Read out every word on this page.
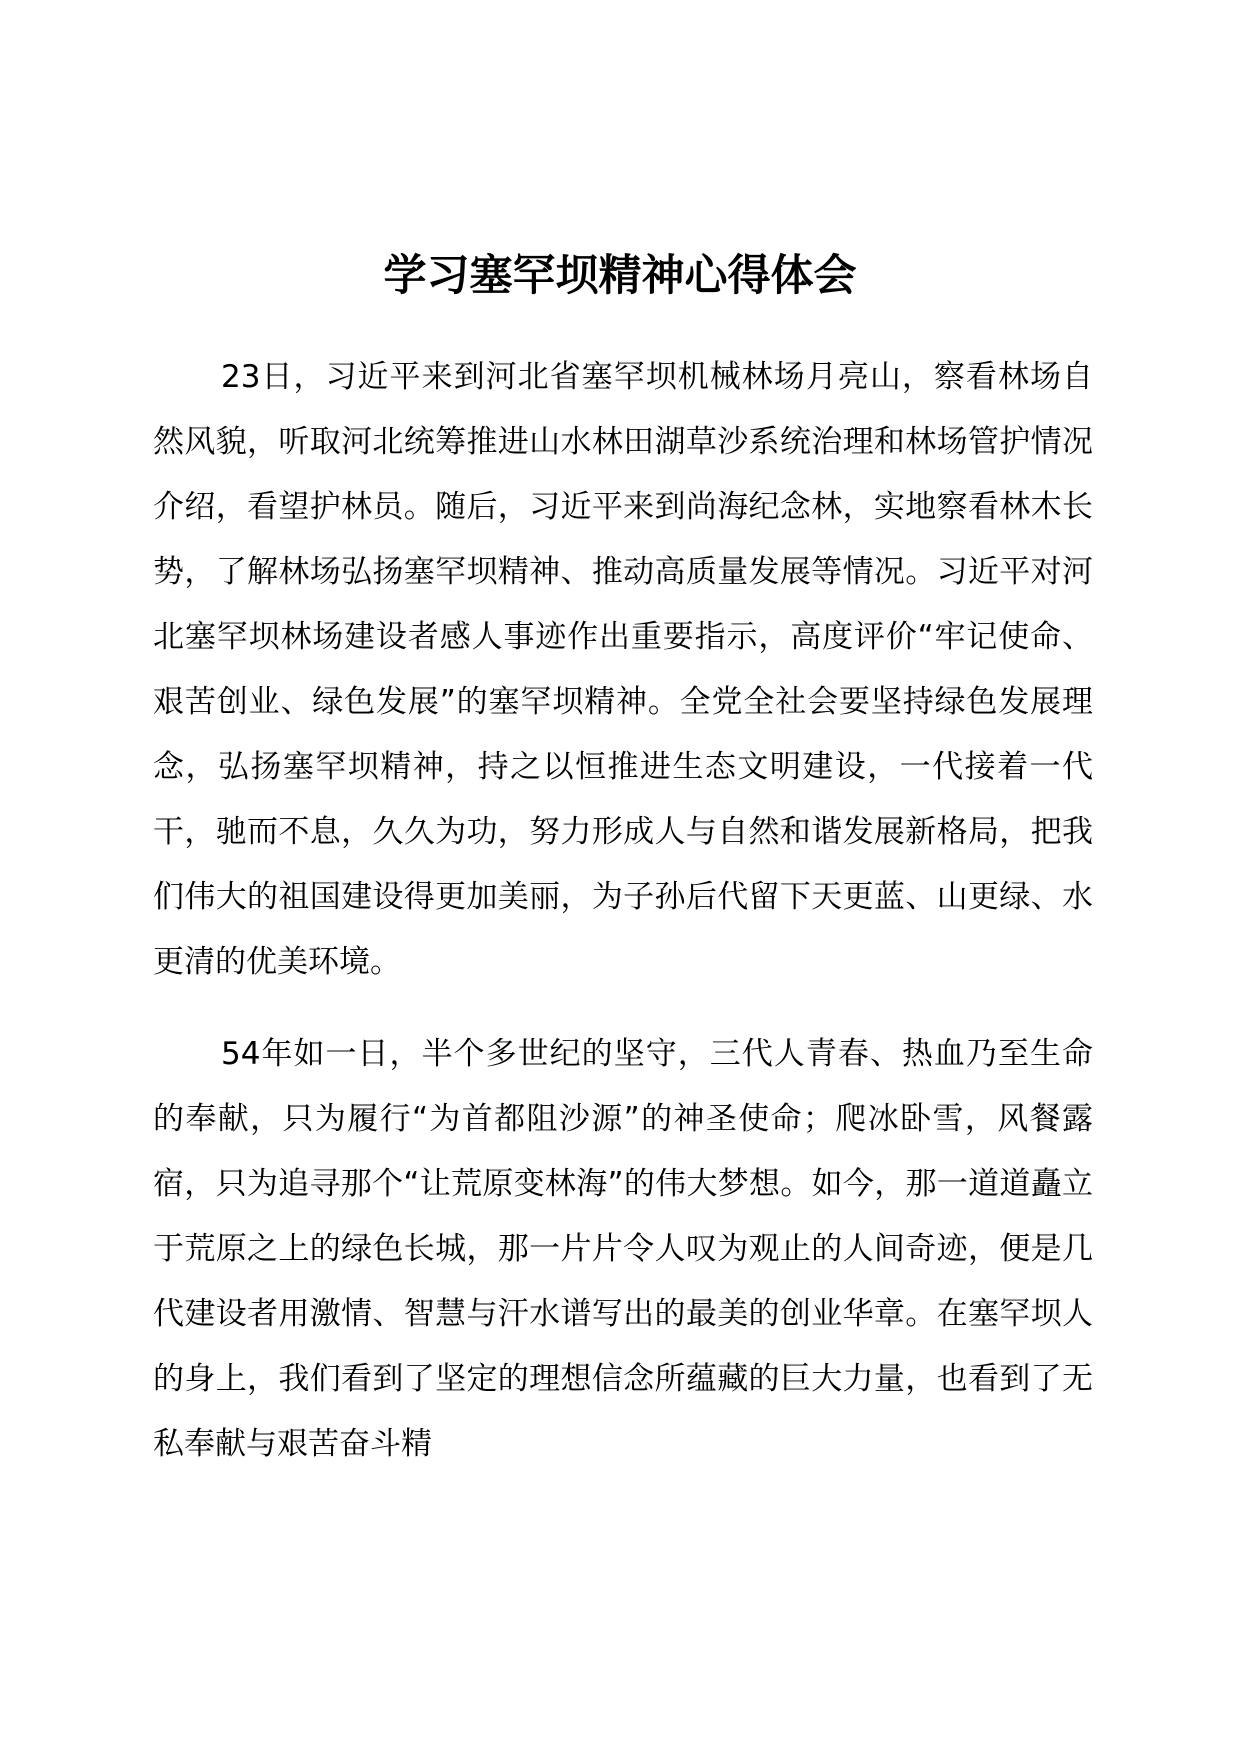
学习塞罕坝精神心得体会

23日，习近平来到河北省塞罕坝机械林场月亮山，察看林场自然风貌，听取河北统筹推进山水林田湖草沙系统治理和林场管护情况介绍，看望护林员。随后，习近平来到尚海纪念林，实地察看林木长势，了解林场弘扬塞罕坝精神、推动高质量发展等情况。习近平对河北塞罕坝林场建设者感人事迹作出重要指示，高度评价“牢记使命、艰苦创业、绿色发展”的塞罕坝精神。全党全社会要坚持绿色发展理念，弘扬塞罕坝精神，持之以恒推进生态文明建设，一代接着一代干，驰而不息，久久为功，努力形成人与自然和谐发展新格局，把我们伟大的祖国建设得更加美丽，为子孙后代留下天更蓝、山更绿、水更清的优美环境。

54年如一日，半个多世纪的坚守，三代人青春、热血乃至生命的奉献，只为履行“为首都阻沙源”的神圣使命；爬冰卧雪，风餐露宿，只为追寻那个“让荒原变林海”的伟大梦想。如今，那一道道矗立于荒原之上的绿色长城，那一片片令人叹为观止的人间奇迹，便是几代建设者用激情、智慧与汗水谱写出的最美的创业华章。在塞罕坝人的身上，我们看到了坚定的理想信念所蕴藏的巨大力量，也看到了无私奉献与艰苦奋斗精
